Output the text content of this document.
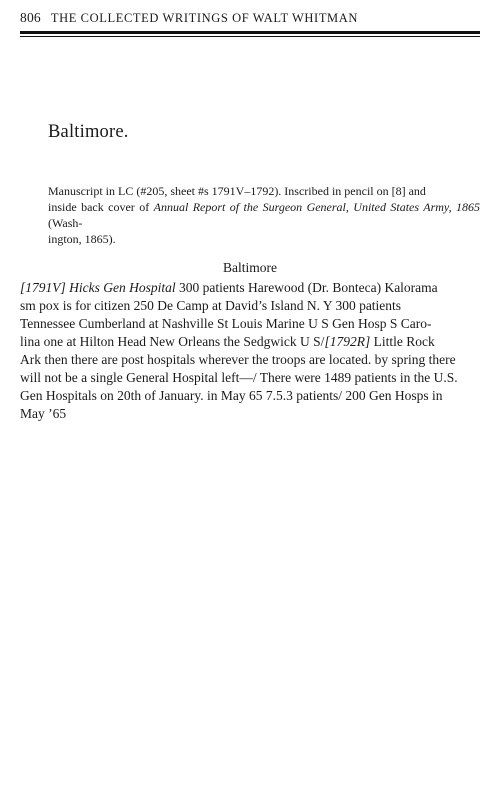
806 THE COLLECTED WRITINGS OF WALT WHITMAN
Baltimore.
Manuscript in LC (#205, sheet #s 1791V–1792). Inscribed in pencil on [8] and
inside back cover of Annual Report of the Surgeon General, United States Army, 1865 (Wash-
ington, 1865).
Baltimore
[1791V] Hicks Gen Hospital 300 patients Harewood (Dr. Bonteca) Kalorama
sm pox is for citizen 250 De Camp at David’s Island N. Y 300 patients
Tennessee Cumberland at Nashville St Louis Marine U S Gen Hosp S Caro-
lina one at Hilton Head New Orleans the Sedgwick U S/[1792R] Little Rock
Ark then there are post hospitals wherever the troops are located. by spring there
will not be a single General Hospital left—/ There were 1489 patients in the U.S.
Gen Hospitals on 20th of January. in May 65 7.5.3 patients/ 200 Gen Hosps in
May ’65
